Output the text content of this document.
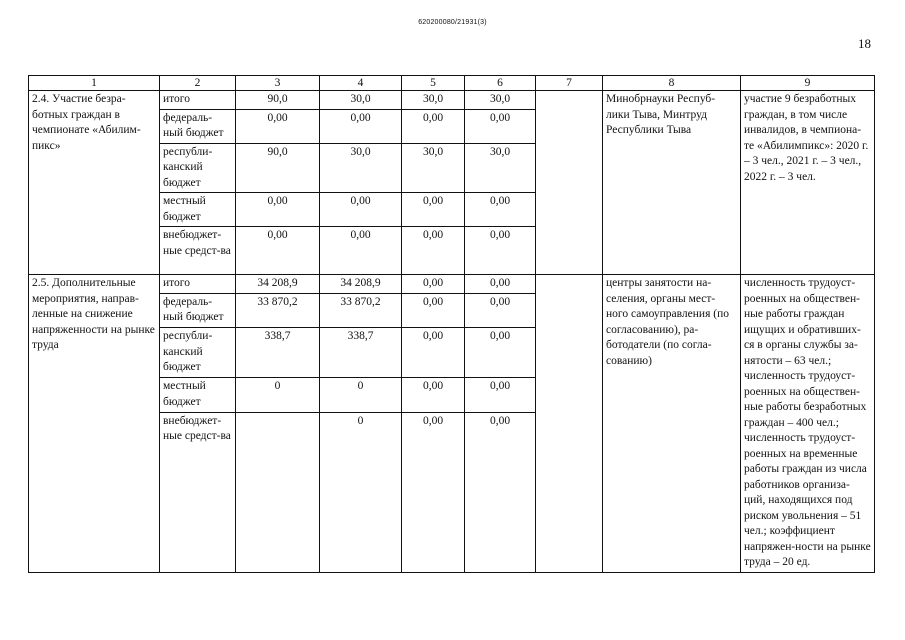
620200080/21931(3)
18
1	2	3	4	5	6	7	8	9
2.4. Участие безра-ботных граждан в чемпионате «Абилим-пикс»	итого	90,0	30,0	30,0	30,0		Минобрнауки Респуб-лики Тыва, Минтруд Республики Тыва	участие 9 безработных граждан, в том числе инвалидов, в чемпиона-те «Абилимпикс»: 2020 г. – 3 чел., 2021 г. – 3 чел., 2022 г. – 3 чел.
	федераль-ный бюджет	0,00	0,00	0,00	0,00			
	республи-канский бюджет	90,0	30,0	30,0	30,0			
	местный бюджет	0,00	0,00	0,00	0,00			
	внебюджет-ные средст-ва	0,00	0,00	0,00	0,00			
2.5. Дополнительные мероприятия, направ-ленные на снижение напряженности на рынке труда	итого	34 208,9	34 208,9	0,00	0,00		центры занятости на-селения, органы мест-ного самоуправления (по согласованию), ра-ботодатели (по согла-сованию)	численность трудоуст-роенных на обществен-ные работы граждан ищущих и обративших-ся в органы службы за-нятости – 63 чел.; численность трудоуст-роенных на обществен-ные работы безработных граждан – 400 чел.; численность трудоуст-роенных на временные работы граждан из числа работников организа-ций, находящихся под риском увольнения – 51 чел.; коэффициент напряжен-ности на рынке труда – 20 ед.
	федераль-ный бюджет	33 870,2	33 870,2	0,00	0,00			
	республи-канский бюджет	338,7	338,7	0,00	0,00			
	местный бюджет	0	0	0,00	0,00			
	внебюджет-ные средст-ва		0	0,00	0,00			
